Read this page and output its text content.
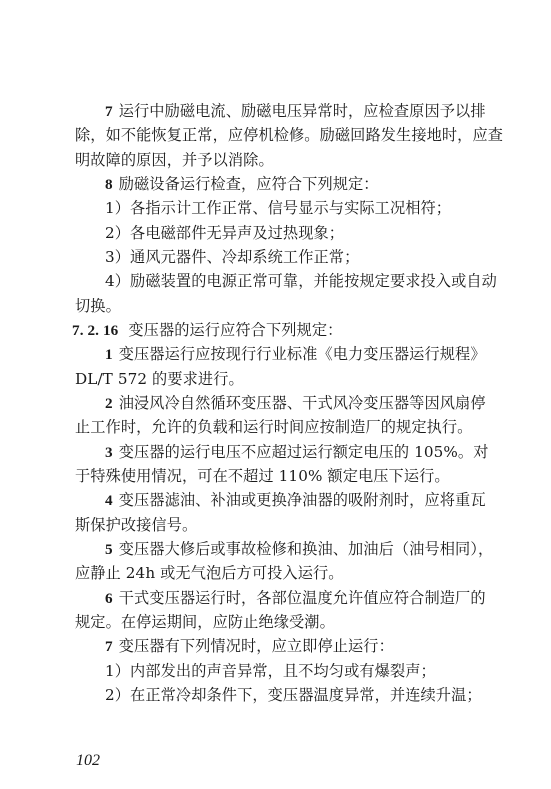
7 运行中励磁电流、励磁电压异常时，应检查原因予以排
除，如不能恢复正常，应停机检修。励磁回路发生接地时，应查
明故障的原因，并予以消除。
8 励磁设备运行检查，应符合下列规定：
1）各指示计工作正常、信号显示与实际工况相符；
2）各电磁部件无异声及过热现象；
3）通风元器件、冷却系统工作正常；
4）励磁装置的电源正常可靠，并能按规定要求投入或自动
切换。
7. 2. 16 变压器的运行应符合下列规定：
1 变压器运行应按现行行业标准《电力变压器运行规程》
DL/T 572 的要求进行。
2 油浸风冷自然循环变压器、干式风冷变压器等因风扇停
止工作时，允许的负载和运行时间应按制造厂的规定执行。
3 变压器的运行电压不应超过运行额定电压的 105%。对
于特殊使用情况，可在不超过 110% 额定电压下运行。
4 变压器滤油、补油或更换净油器的吸附剂时，应将重瓦
斯保护改接信号。
5 变压器大修后或事故检修和换油、加油后（油号相同），
应静止 24h 或无气泡后方可投入运行。
6 干式变压器运行时，各部位温度允许值应符合制造厂的
规定。在停运期间，应防止绝缘受潮。
7 变压器有下列情况时，应立即停止运行：
1）内部发出的声音异常，且不均匀或有爆裂声；
2）在正常冷却条件下，变压器温度异常，并连续升温；
102
